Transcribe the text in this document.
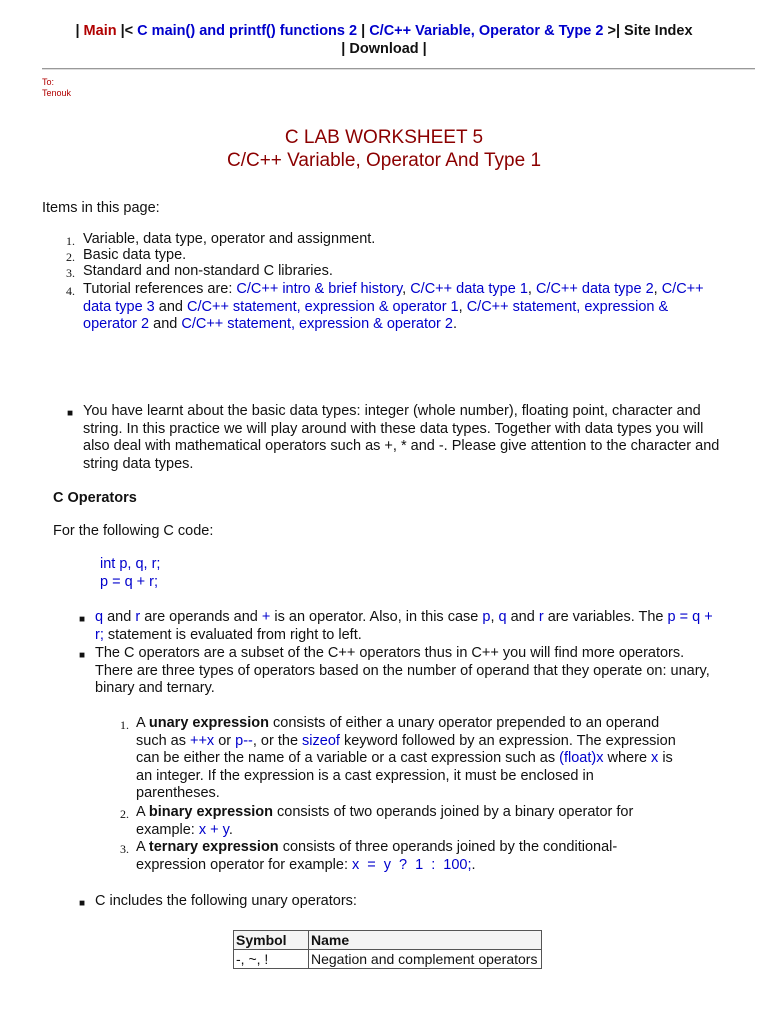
| Main |< C main() and printf() functions 2 | C/C++ Variable, Operator & Type 2 >| Site Index
| Download |
To:
Tenouk
C LAB WORKSHEET 5
C/C++ Variable, Operator And Type 1
Items in this page:
1. Variable, data type, operator and assignment.
2. Basic data type.
3. Standard and non-standard C libraries.
4. Tutorial references are: C/C++ intro & brief history, C/C++ data type 1, C/C++ data type 2, C/C++ data type 3 and C/C++ statement, expression & operator 1, C/C++ statement, expression & operator 2 and C/C++ statement, expression & operator 2.
■ You have learnt about the basic data types: integer (whole number), floating point, character and string. In this practice we will play around with these data types. Together with data types you will also deal with mathematical operators such as +, * and -. Please give attention to the character and string data types.
C Operators
For the following C code:
int p, q, r;
p = q + r;
■ q and r are operands and + is an operator. Also, in this case p, q and r are variables. The p = q + r; statement is evaluated from right to left.
■ The C operators are a subset of the C++ operators thus in C++ you will find more operators. There are three types of operators based on the number of operand that they operate on: unary, binary and ternary.
1. A unary expression consists of either a unary operator prepended to an operand such as ++x or p--, or the sizeof keyword followed by an expression. The expression can be either the name of a variable or a cast expression such as (float)x where x is an integer. If the expression is a cast expression, it must be enclosed in parentheses.
2. A binary expression consists of two operands joined by a binary operator for example: x + y.
3. A ternary expression consists of three operands joined by the conditional-expression operator for example: x = y ? 1 : 100;.
■ C includes the following unary operators:
Symbol	Name
-, ~, !	Negation and complement operators
